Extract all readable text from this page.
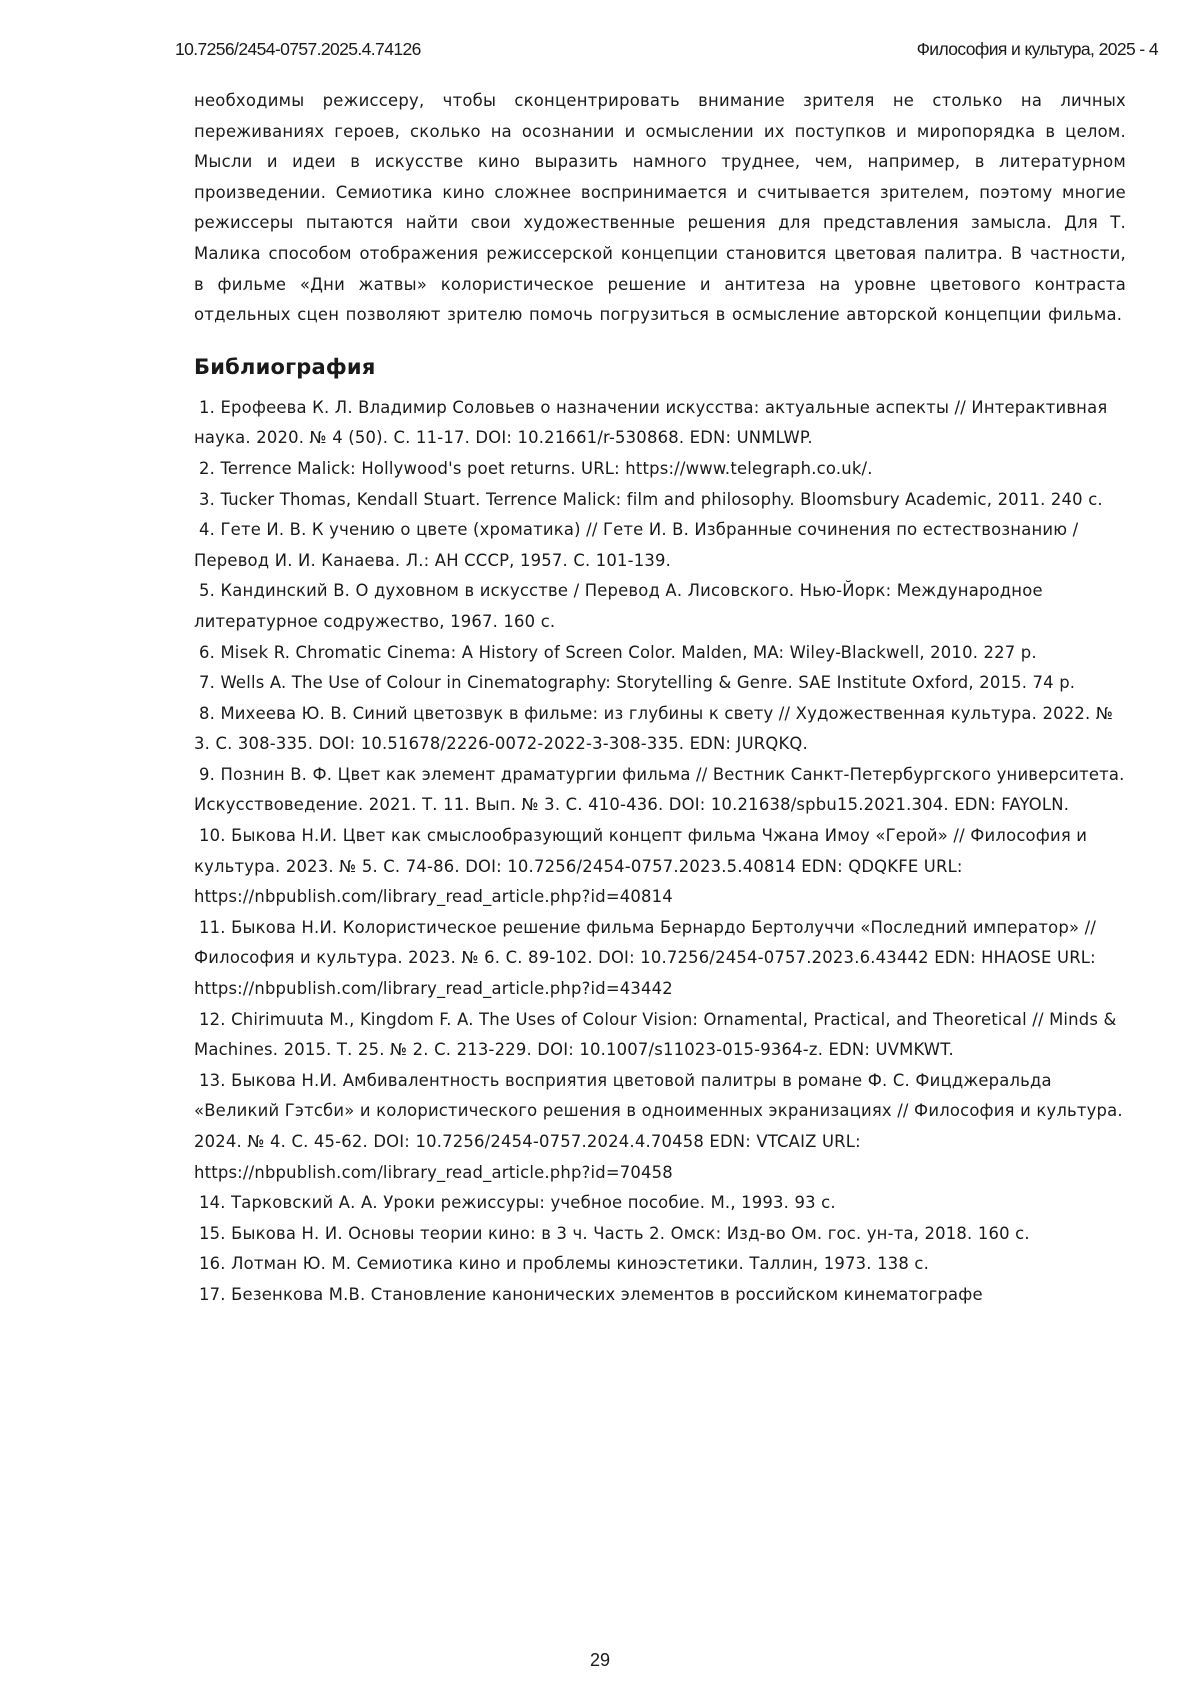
10.7256/2454-0757.2025.4.74126	Философия и культура, 2025 - 4

необходимы режиссеру, чтобы сконцентрировать внимание зрителя не столько на личных переживаниях героев, сколько на осознании и осмыслении их поступков и миропорядка в целом. Мысли и идеи в искусстве кино выразить намного труднее, чем, например, в литературном произведении. Семиотика кино сложнее воспринимается и считывается зрителем, поэтому многие режиссеры пытаются найти свои художественные решения для представления замысла. Для Т. Малика способом отображения режиссерской концепции становится цветовая палитра. В частности, в фильме «Дни жатвы» колористическое решение и антитеза на уровне цветового контраста отдельных сцен позволяют зрителю помочь погрузиться в осмысление авторской концепции фильма.

Библиография
1. Ерофеева К. Л. Владимир Соловьев о назначении искусства: актуальные аспекты // Интерактивная наука. 2020. № 4 (50). С. 11-17. DOI: 10.21661/r-530868. EDN: UNMLWP.
2. Terrence Malick: Hollywood's poet returns. URL: https://www.telegraph.co.uk/.
3. Tucker Thomas, Kendall Stuart. Terrence Malick: film and philosophy. Bloomsbury Academic, 2011. 240 с.
4. Гете И. В. К учению о цвете (хроматика) // Гете И. В. Избранные сочинения по естествознанию / Перевод И. И. Канаева. Л.: АН СССР, 1957. С. 101-139.
5. Кандинский В. О духовном в искусстве / Перевод А. Лисовского. Нью-Йорк: Международное литературное содружество, 1967. 160 с.
6. Misek R. Chromatic Cinema: A History of Screen Color. Malden, MA: Wiley-Blackwell, 2010. 227 p.
7. Wells A. The Use of Colour in Cinematography: Storytelling & Genre. SAE Institute Oxford, 2015. 74 p.
8. Михеева Ю. В. Синий цветозвук в фильме: из глубины к свету // Художественная культура. 2022. № 3. С. 308-335. DOI: 10.51678/2226-0072-2022-3-308-335. EDN: JURQKQ.
9. Познин В. Ф. Цвет как элемент драматургии фильма // Вестник Санкт-Петербургского университета. Искусствоведение. 2021. Т. 11. Вып. № 3. С. 410-436. DOI: 10.21638/spbu15.2021.304. EDN: FAYOLN.
10. Быкова Н.И. Цвет как смыслообразующий концепт фильма Чжана Имоу «Герой» // Философия и культура. 2023. № 5. С. 74-86. DOI: 10.7256/2454-0757.2023.5.40814 EDN: QDQKFE URL: https://nbpublish.com/library_read_article.php?id=40814
11. Быкова Н.И. Колористическое решение фильма Бернардо Бертолуччи «Последний император» // Философия и культура. 2023. № 6. С. 89-102. DOI: 10.7256/2454-0757.2023.6.43442 EDN: HHAOSE URL: https://nbpublish.com/library_read_article.php?id=43442
12. Chirimuuta M., Kingdom F. A. The Uses of Colour Vision: Ornamental, Practical, and Theoretical // Minds & Machines. 2015. Т. 25. № 2. С. 213-229. DOI: 10.1007/s11023-015-9364-z. EDN: UVMKWT.
13. Быкова Н.И. Амбивалентность восприятия цветовой палитры в романе Ф. С. Фицджеральда «Великий Гэтсби» и колористического решения в одноименных экранизациях // Философия и культура. 2024. № 4. С. 45-62. DOI: 10.7256/2454-0757.2024.4.70458 EDN: VTCAIZ URL: https://nbpublish.com/library_read_article.php?id=70458
14. Тарковский А. А. Уроки режиссуры: учебное пособие. М., 1993. 93 с.
15. Быкова Н. И. Основы теории кино: в 3 ч. Часть 2. Омск: Изд-во Ом. гос. ун-та, 2018. 160 с.
16. Лотман Ю. М. Семиотика кино и проблемы киноэстетики. Таллин, 1973. 138 с.
17. Безенкова М.В. Становление канонических элементов в российском кинематографе
29
